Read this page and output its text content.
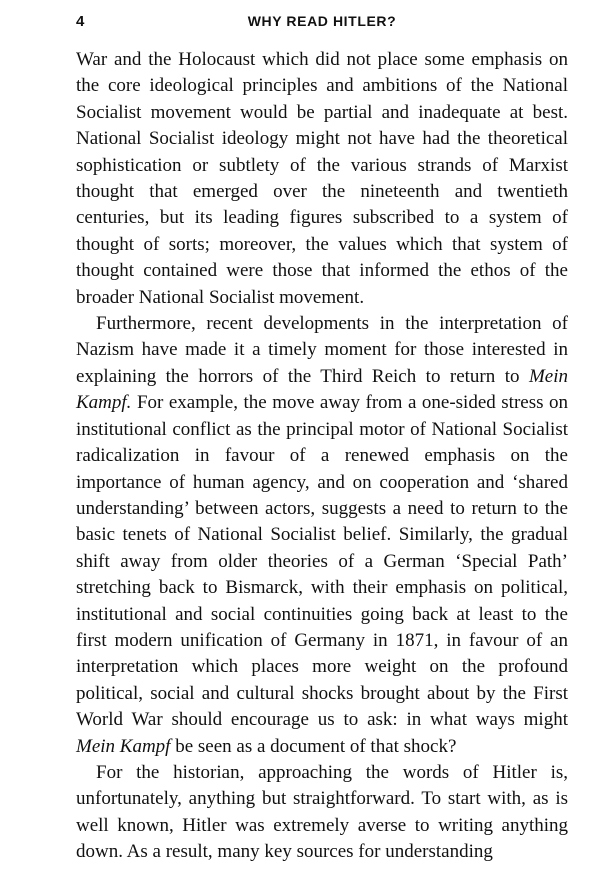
4	WHY READ HITLER?

War and the Holocaust which did not place some emphasis on the core ideological principles and ambitions of the National Socialist movement would be partial and inadequate at best. National Socialist ideology might not have had the theoretical sophistication or subtlety of the various strands of Marxist thought that emerged over the nineteenth and twentieth centuries, but its leading figures subscribed to a system of thought of sorts; moreover, the values which that system of thought contained were those that informed the ethos of the broader National Socialist movement.

Furthermore, recent developments in the interpretation of Nazism have made it a timely moment for those interested in explaining the horrors of the Third Reich to return to Mein Kampf. For example, the move away from a one-sided stress on institutional conflict as the principal motor of National Socialist radicalization in favour of a renewed emphasis on the importance of human agency, and on cooperation and ‘shared understanding’ between actors, suggests a need to return to the basic tenets of National Socialist belief. Similarly, the gradual shift away from older theories of a German ‘Special Path’ stretching back to Bismarck, with their emphasis on political, institutional and social continuities going back at least to the first modern unification of Germany in 1871, in favour of an interpretation which places more weight on the profound political, social and cultural shocks brought about by the First World War should encourage us to ask: in what ways might Mein Kampf be seen as a document of that shock?

For the historian, approaching the words of Hitler is, unfortunately, anything but straightforward. To start with, as is well known, Hitler was extremely averse to writing anything down. As a result, many key sources for understanding
